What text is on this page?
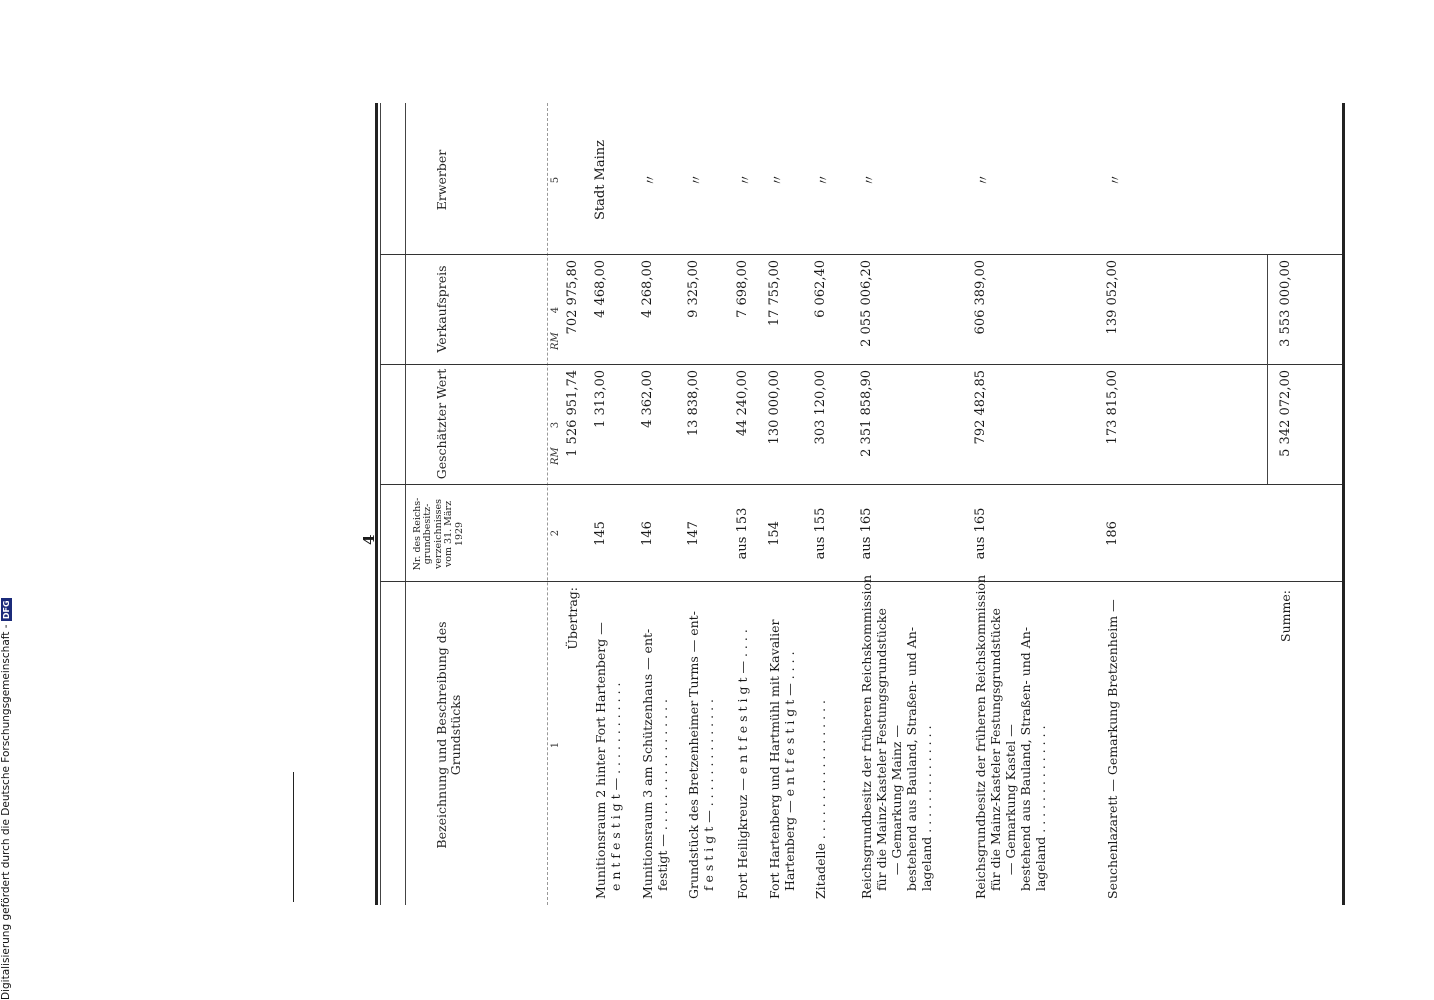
4
Bezeichnung und Beschreibung des Grundstücks
Nr. des Reichs-grundbesitz-verzeichnisses vom 31. März 1929
Geschätzter Wert
Verkaufspreis
Erwerber
1
2
3
4
5
RM
RM
Übertrag:
1 526 951,74
702 975,80
Munitionsraum 2 hinter Fort Hartenberg —
e n t f e s t i g t — . . . . . . . . . . . .
145
1 313,00
4 468,00
Stadt Mainz
Munitionsraum 3 am Schützenhaus — ent-
festigt — . . . . . . . . . . . . . . . . .
146
4 362,00
4 268,00
〃
Grundstück des Bretzenheimer Turms — ent-
f e s t i g t — . . . . . . . . . . . . . .
147
13 838,00
9 325,00
〃
Fort Heiligkreuz — e n t f e s t i g t — . . . .
aus 153
44 240,00
7 698,00
〃
Fort Hartenberg und Hartmühl mit Kavalier
Hartenberg — e n t f e s t i g t — . . . .
154
130 000,00
17 755,00
〃
Zitadelle . . . . . . . . . . . . . . . . . .
aus 155
303 120,00
6 062,40
〃
Reichsgrundbesitz der früheren Reichskommission
für die Mainz-Kasteler Festungsgrundstücke
— Gemarkung Mainz —
bestehend aus Bauland, Straßen- und An-
lageland . . . . . . . . . . . . . .
aus 165
2 351 858,90
2 055 006,20
〃
Reichsgrundbesitz der früheren Reichskommission
für die Mainz-Kasteler Festungsgrundstücke
— Gemarkung Kastel —
bestehend aus Bauland, Straßen- und An-
lageland . . . . . . . . . . . . . .
aus 165
792 482,85
606 389,00
〃
Seuchenlazarett — Gemarkung Bretzenheim —
186
173 815,00
139 052,00
〃
Summe:
5 342 072,00
3 553 000,00
Digitalisierung gefördert durch die Deutsche Forschungsgemeinschaft - DFG
